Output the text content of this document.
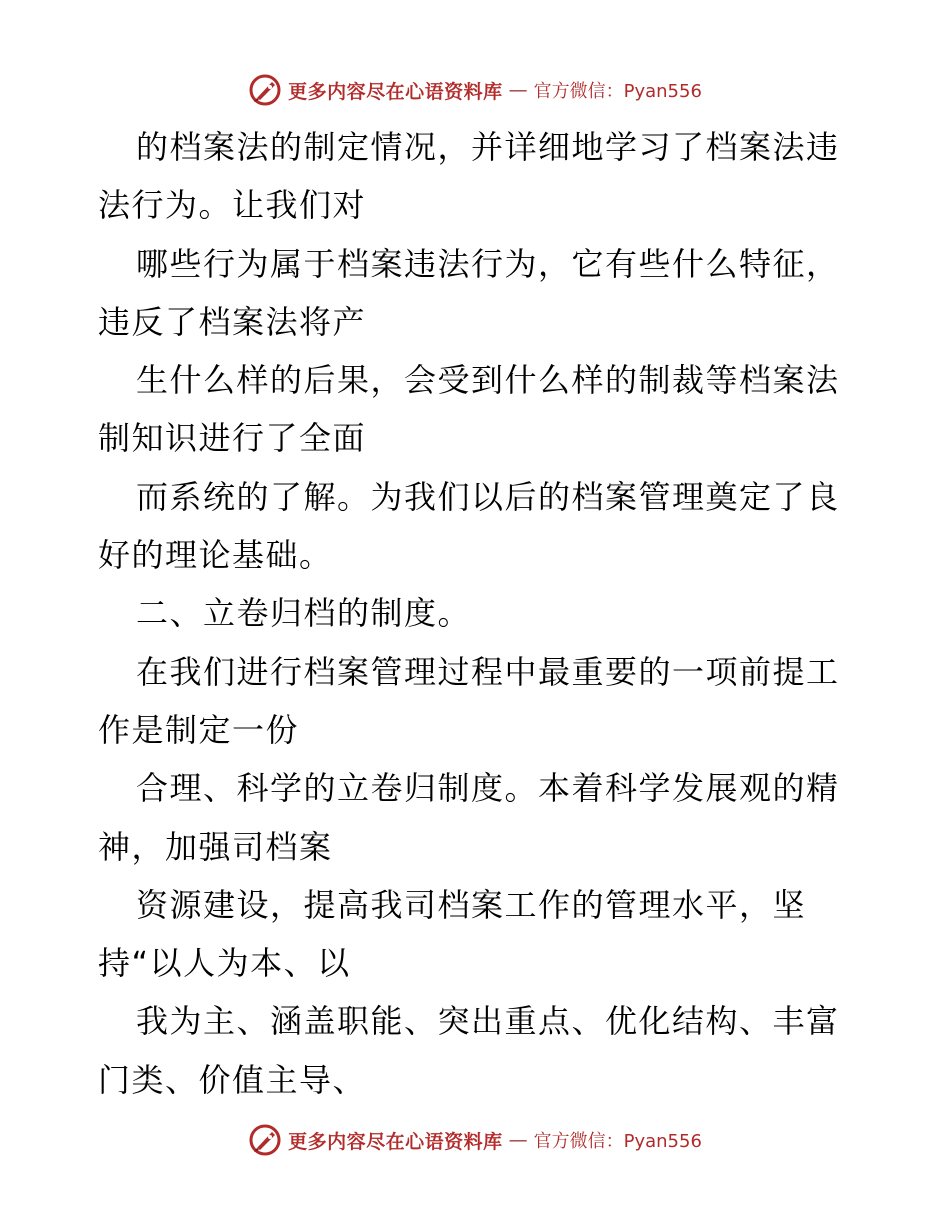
更多内容尽在心语资料库 — 官方微信：Pyan556
的档案法的制定情况，并详细地学习了档案法违
法行为。让我们对
哪些行为属于档案违法行为，它有些什么特征，
违反了档案法将产
生什么样的后果，会受到什么样的制裁等档案法
制知识进行了全面
而系统的了解。为我们以后的档案管理奠定了良
好的理论基础。
二、立卷归档的制度。
在我们进行档案管理过程中最重要的一项前提工
作是制定一份
合理、科学的立卷归制度。本着科学发展观的精
神，加强司档案
资源建设，提高我司档案工作的管理水平，坚
持“以人为本、以
我为主、涵盖职能、突出重点、优化结构、丰富
门类、价值主导、
更多内容尽在心语资料库 — 官方微信：Pyan556
